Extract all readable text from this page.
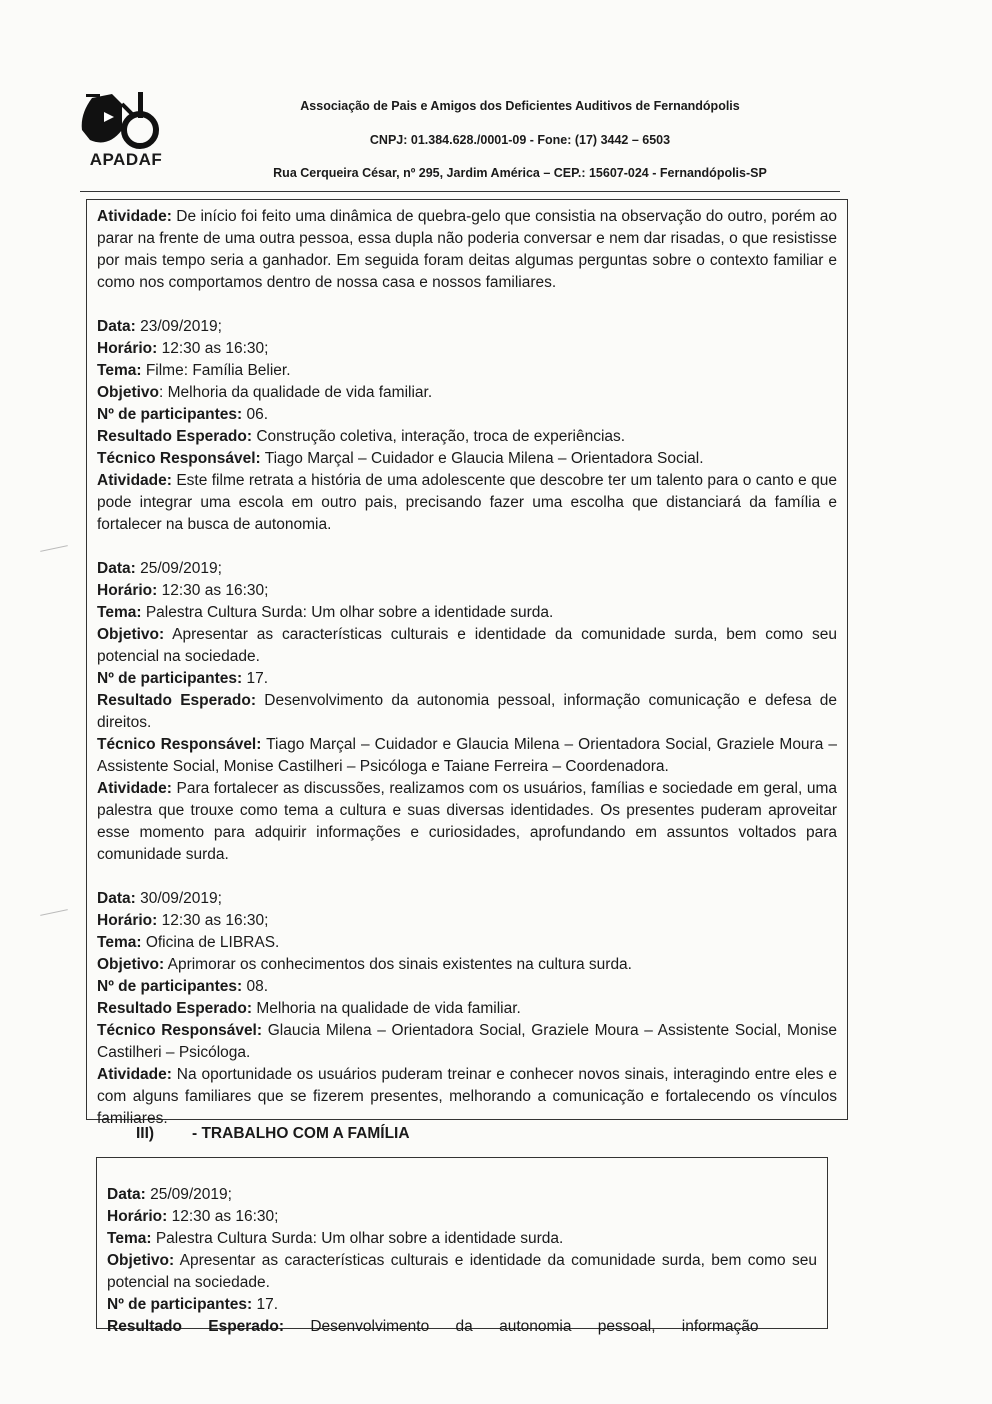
APADAF
Associação de Pais e Amigos dos Deficientes Auditivos de Fernandópolis
CNPJ: 01.384.628./0001-09 - Fone: (17) 3442 – 6503
Rua Cerqueira César, nº 295, Jardim América – CEP.: 15607-024 - Fernandópolis-SP

Atividade: De início foi feito uma dinâmica de quebra-gelo que consistia na observação do outro, porém ao parar na frente de uma outra pessoa, essa dupla não poderia conversar e nem dar risadas, o que resistisse por mais tempo seria a ganhador. Em seguida foram deitas algumas perguntas sobre o contexto familiar e como nos comportamos dentro de nossa casa e nossos familiares.

Data: 23/09/2019;

Horário: 12:30 as 16:30;

Tema: Filme: Família Belier.

Objetivo: Melhoria da qualidade de vida familiar.

Nº de participantes: 06.

Resultado Esperado: Construção coletiva, interação, troca de experiências.

Técnico Responsável: Tiago Marçal – Cuidador e Glaucia Milena – Orientadora Social.

Atividade: Este filme retrata a história de uma adolescente que descobre ter um talento para o canto e que pode integrar uma escola em outro pais, precisando fazer uma escolha que distanciará da família e fortalecer na busca de autonomia.

Data: 25/09/2019;

Horário: 12:30 as 16:30;

Tema: Palestra Cultura Surda: Um olhar sobre a identidade surda.

Objetivo: Apresentar as características culturais e identidade da comunidade surda, bem como seu potencial na sociedade.

Nº de participantes: 17.

Resultado Esperado: Desenvolvimento da autonomia pessoal, informação comunicação e defesa de direitos.

Técnico Responsável: Tiago Marçal – Cuidador e Glaucia Milena – Orientadora Social, Graziele Moura – Assistente Social, Monise Castilheri – Psicóloga e Taiane Ferreira – Coordenadora.

Atividade: Para fortalecer as discussões, realizamos com os usuários, famílias e sociedade em geral, uma palestra que trouxe como tema a cultura e suas diversas identidades. Os presentes puderam aproveitar esse momento para adquirir informações e curiosidades, aprofundando em assuntos voltados para comunidade surda.

Data: 30/09/2019;

Horário: 12:30 as 16:30;

Tema: Oficina de LIBRAS.

Objetivo: Aprimorar os conhecimentos dos sinais existentes na cultura surda.

Nº de participantes: 08.

Resultado Esperado: Melhoria na qualidade de vida familiar.

Técnico Responsável: Glaucia Milena – Orientadora Social, Graziele Moura – Assistente Social, Monise Castilheri – Psicóloga.

Atividade: Na oportunidade os usuários puderam treinar e conhecer novos sinais, interagindo entre eles e com alguns familiares que se fizerem presentes, melhorando a comunicação e fortalecendo os vínculos familiares.

III) - TRABALHO COM A FAMÍLIA

Data: 25/09/2019;

Horário: 12:30 as 16:30;

Tema: Palestra Cultura Surda: Um olhar sobre a identidade surda.

Objetivo: Apresentar as características culturais e identidade da comunidade surda, bem como seu potencial na sociedade.

Nº de participantes: 17.

Resultado Esperado: Desenvolvimento da autonomia pessoal, informação
